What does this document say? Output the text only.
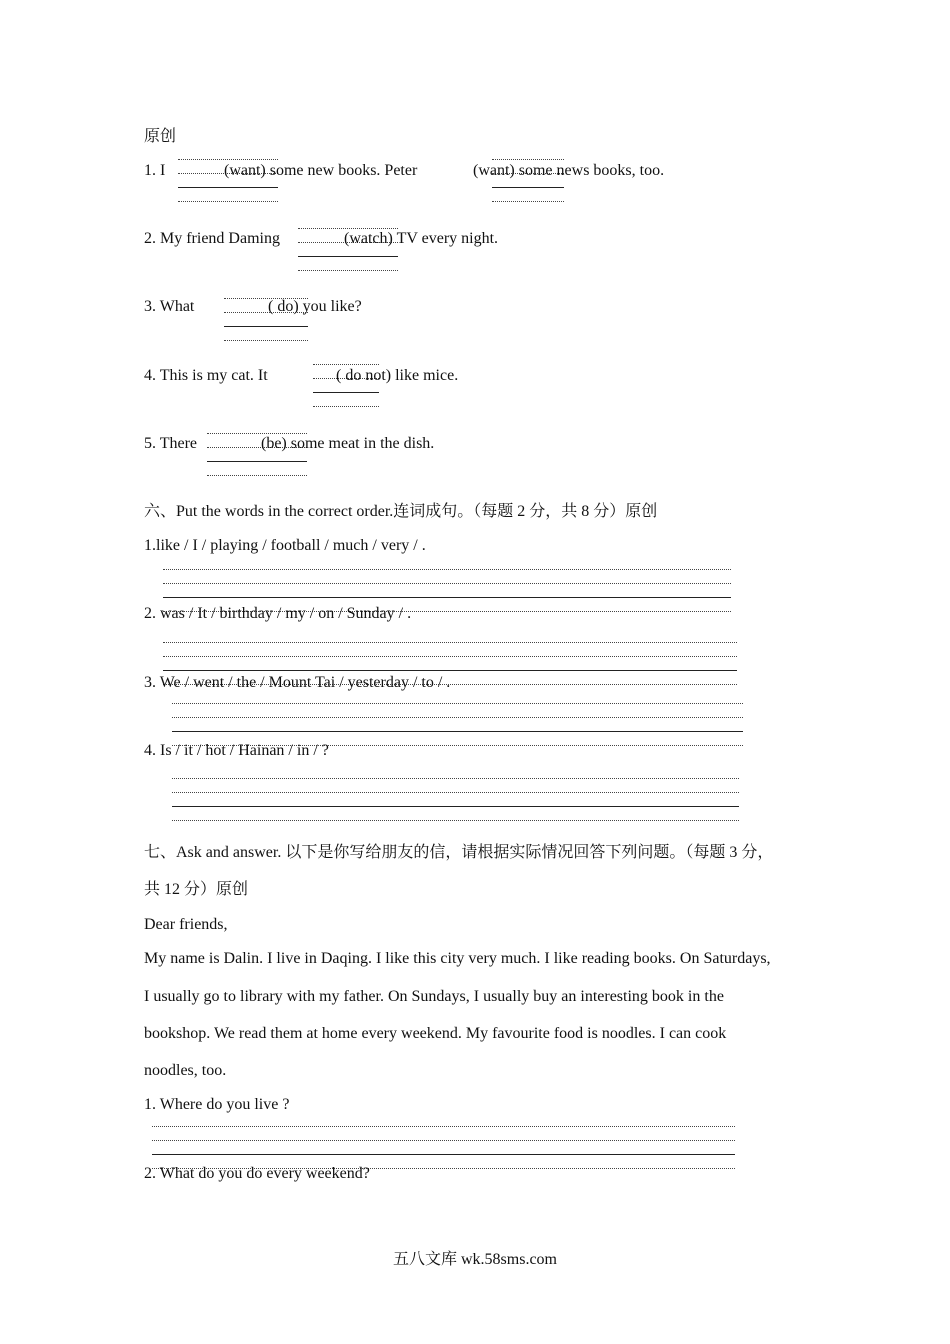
原创
1. I	(want) some new books. Peter	(want) some news books, too.
2. My friend Daming	(watch) TV every night.
3. What	( do) you like?
4. This is my cat. It	( do not) like mice.
5. There	(be) some meat in the dish.
六、Put the words in the correct order.连词成句。（每题 2 分，共 8 分）原创
1.like / I / playing / football / much / very / .
2. was / It / birthday / my / on / Sunday / .
3. We / went / the / Mount Tai / yesterday / to / .
4. Is / it / hot / Hainan / in / ?
七、Ask and answer. 以下是你写给朋友的信，请根据实际情况回答下列问题。（每题 3 分，
共 12 分）原创
Dear friends,
My name is Dalin. I live in Daqing. I like this city very much. I like reading books. On Saturdays,
I usually go to library with my father. On Sundays, I usually buy an interesting book in the
bookshop. We read them at home every weekend. My favourite food is noodles. I can cook
noodles, too.
1. Where do you live ?
2. What do you do every weekend?
五八文库 wk.58sms.com
